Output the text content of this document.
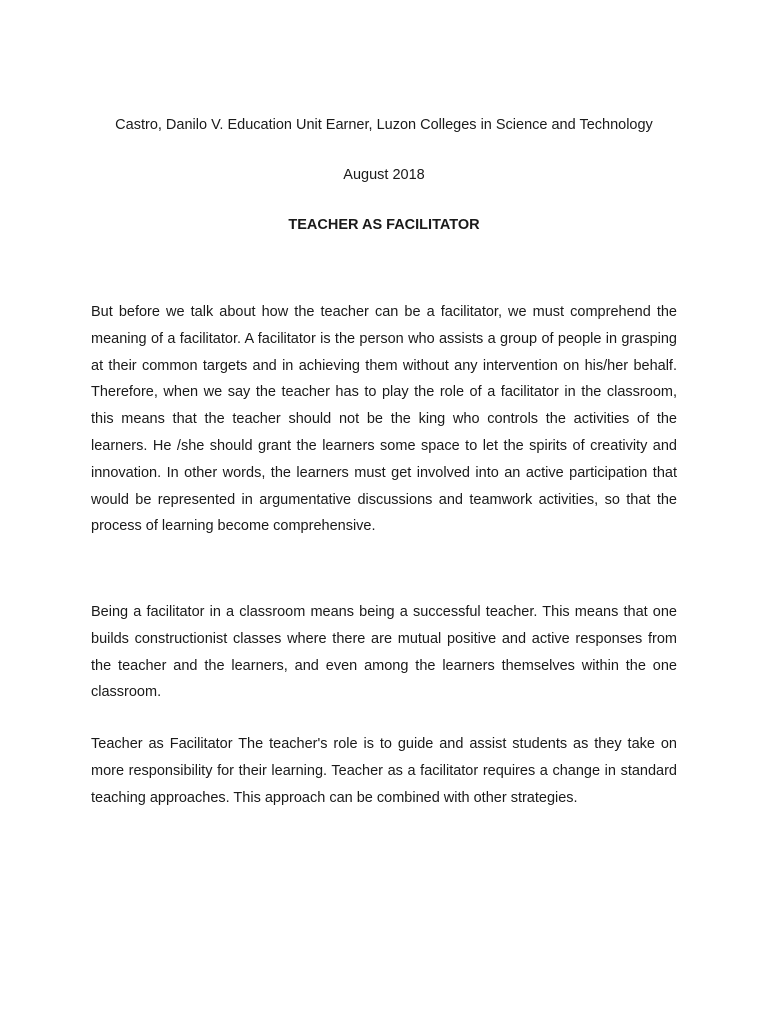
Castro, Danilo V. Education Unit Earner, Luzon Colleges in Science and Technology
August 2018
TEACHER AS FACILITATOR

But before we talk about how the teacher can be a facilitator, we must comprehend the meaning of a facilitator. A facilitator is the person who assists a group of people in grasping at their common targets and in achieving them without any intervention on his/her behalf. Therefore, when we say the teacher has to play the role of a facilitator in the classroom, this means that the teacher should not be the king who controls the activities of the learners. He /she should grant the learners some space to let the spirits of creativity and innovation. In other words, the learners must get involved into an active participation that would be represented in argumentative discussions and teamwork activities, so that the process of learning become comprehensive.

Being a facilitator in a classroom means being a successful teacher. This means that one builds constructionist classes where there are mutual positive and active responses from the teacher and the learners, and even among the learners themselves within the one classroom.

Teacher as Facilitator The teacher's role is to guide and assist students as they take on more responsibility for their learning. Teacher as a facilitator requires a change in standard teaching approaches. This approach can be combined with other strategies.
